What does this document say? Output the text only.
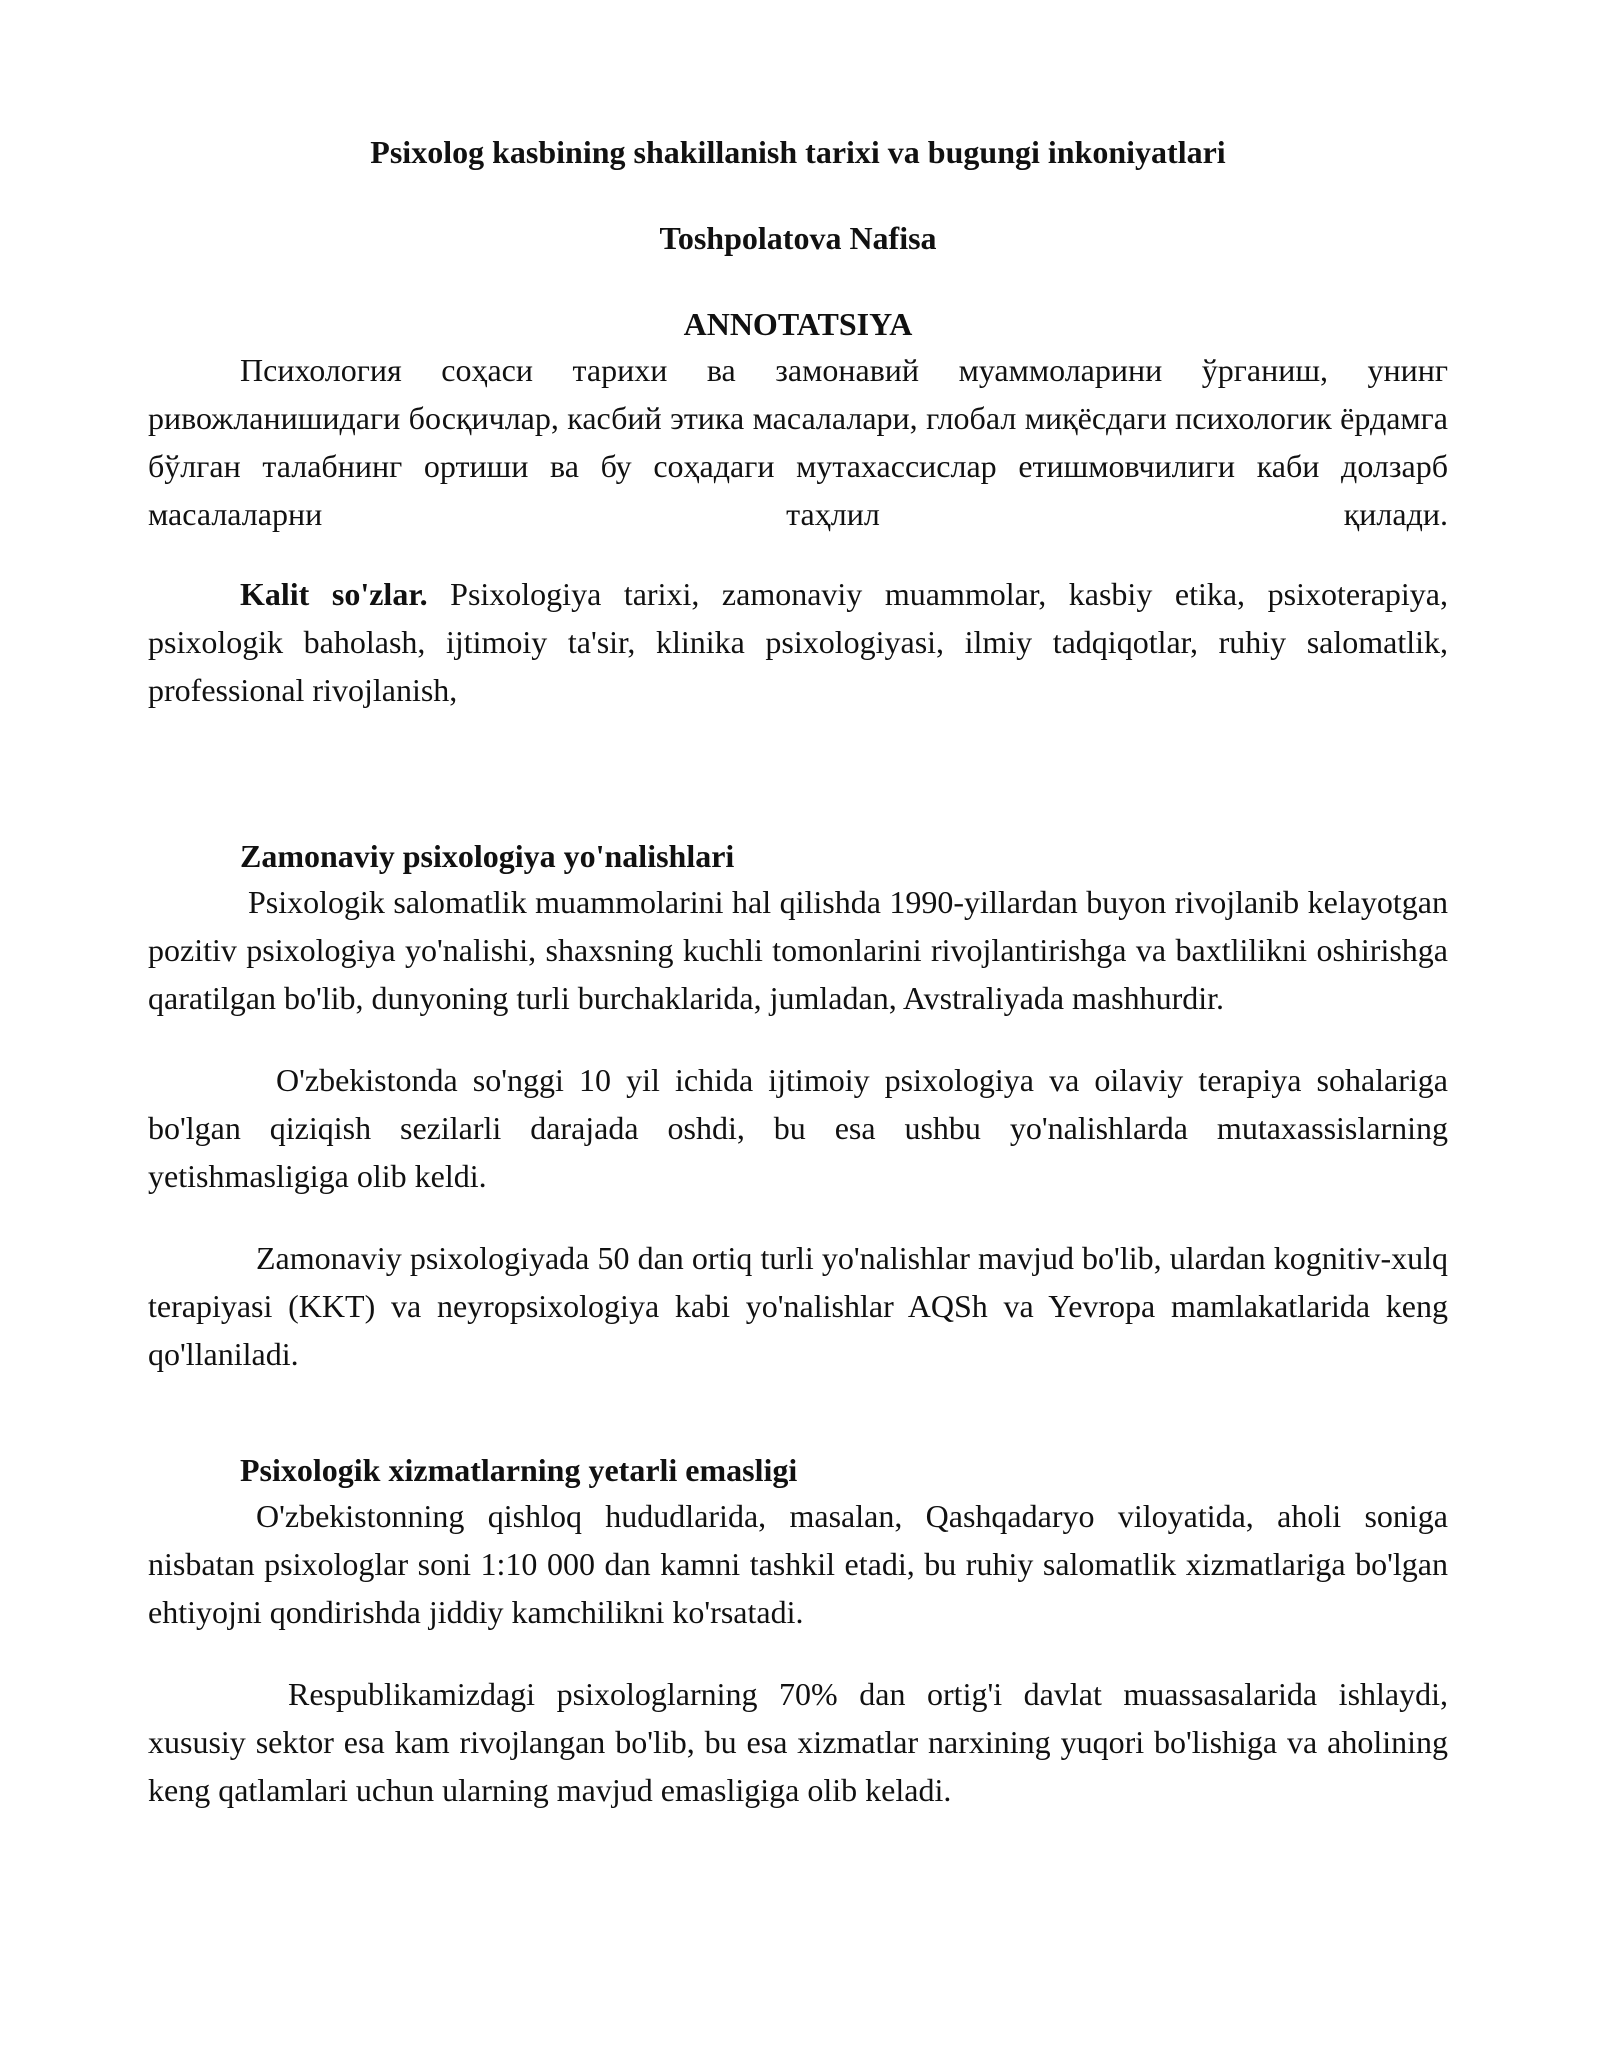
Psixolog kasbining shakillanish tarixi va bugungi inkoniyatlari
Toshpolatova Nafisa
ANNOTATSIYA

Психология соҳаси тарихи ва замонавий муаммоларини ўрганиш, унинг ривожланишидаги босқичлар, касбий этика масалалари, глобал миқёсдаги психологик ёрдамга бўлган талабнинг ортиши ва бу соҳадаги мутахассислар етишмовчилиги каби долзарб масалаларни таҳлил қилади.

Kalit so'zlar. Psixologiya tarixi, zamonaviy muammolar, kasbiy etika, psixoterapiya, psixologik baholash, ijtimoiy ta'sir, klinika psixologiyasi, ilmiy tadqiqotlar, ruhiy salomatlik, professional rivojlanish,

Zamonaviy psixologiya yo'nalishlari

Psixologik salomatlik muammolarini hal qilishda 1990-yillardan buyon rivojlanib kelayotgan pozitiv psixologiya yo'nalishi, shaxsning kuchli tomonlarini rivojlantirishga va baxtlilikni oshirishga qaratilgan bo'lib, dunyoning turli burchaklarida, jumladan, Avstraliyada mashhurdir.

O'zbekistonda so'nggi 10 yil ichida ijtimoiy psixologiya va oilaviy terapiya sohalariga bo'lgan qiziqish sezilarli darajada oshdi, bu esa ushbu yo'nalishlarda mutaxassislarning yetishmasligiga olib keldi.

Zamonaviy psixologiyada 50 dan ortiq turli yo'nalishlar mavjud bo'lib, ulardan kognitiv-xulq terapiyasi (KKT) va neyropsixologiya kabi yo'nalishlar AQSh va Yevropa mamlakatlarida keng qo'llaniladi.

Psixologik xizmatlarning yetarli emasligi

O'zbekistonning qishloq hududlarida, masalan, Qashqadaryo viloyatida, aholi soniga nisbatan psixologlar soni 1:10 000 dan kamni tashkil etadi, bu ruhiy salomatlik xizmatlariga bo'lgan ehtiyojni qondirishda jiddiy kamchilikni ko'rsatadi.

Respublikamizdagi psixologlarning 70% dan ortig'i davlat muassasalarida ishlaydi, xususiy sektor esa kam rivojlangan bo'lib, bu esa xizmatlar narxining yuqori bo'lishiga va aholining keng qatlamlari uchun ularning mavjud emasligiga olib keladi.
